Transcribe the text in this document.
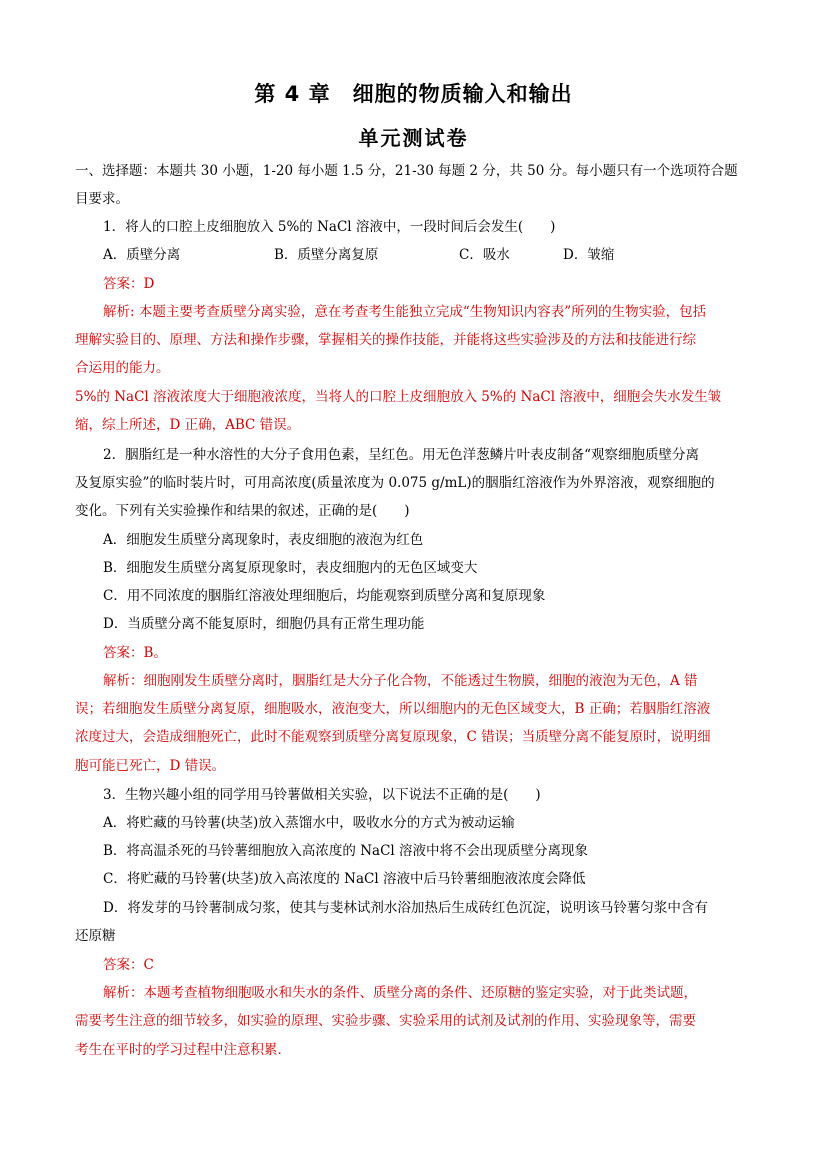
第 4 章　细胞的物质输入和输出
单元测试卷
一、选择题：本题共 30 小题，1-20 每小题 1.5 分，21-30 每题 2 分，共 50 分。每小题只有一个选项符合题
目要求。
1．将人的口腔上皮细胞放入 5%的 NaCl 溶液中，一段时间后会发生(　　)
A．质壁分离	B．质壁分离复原	C．吸水	D．皱缩
答案：D
解析: 本题主要考查质壁分离实验，意在考查考生能独立完成“生物知识内容表”所列的生物实验，包括
理解实验目的、原理、方法和操作步骤，掌握相关的操作技能，并能将这些实验涉及的方法和技能进行综
合运用的能力。
5%的 NaCl 溶液浓度大于细胞液浓度，当将人的口腔上皮细胞放入 5%的 NaCl 溶液中，细胞会失水发生皱
缩，综上所述，D 正确，ABC 错误。
2．胭脂红是一种水溶性的大分子食用色素，呈红色。用无色洋葱鳞片叶表皮制备“观察细胞质壁分离
及复原实验”的临时装片时，可用高浓度(质量浓度为 0.075 g/mL)的胭脂红溶液作为外界溶液，观察细胞的
变化。下列有关实验操作和结果的叙述，正确的是(　　)
A．细胞发生质壁分离现象时，表皮细胞的液泡为红色
B．细胞发生质壁分离复原现象时，表皮细胞内的无色区域变大
C．用不同浓度的胭脂红溶液处理细胞后，均能观察到质壁分离和复原现象
D．当质壁分离不能复原时，细胞仍具有正常生理功能
答案：B。
解析：细胞刚发生质壁分离时，胭脂红是大分子化合物，不能透过生物膜，细胞的液泡为无色，A 错
误；若细胞发生质壁分离复原，细胞吸水，液泡变大，所以细胞内的无色区域变大，B 正确；若胭脂红溶液
浓度过大，会造成细胞死亡，此时不能观察到质壁分离复原现象，C 错误；当质壁分离不能复原时，说明细
胞可能已死亡，D 错误。
3．生物兴趣小组的同学用马铃薯做相关实验，以下说法不正确的是(　　)
A．将贮藏的马铃薯(块茎)放入蒸馏水中，吸收水分的方式为被动运输
B．将高温杀死的马铃薯细胞放入高浓度的 NaCl 溶液中将不会出现质壁分离现象
C．将贮藏的马铃薯(块茎)放入高浓度的 NaCl 溶液中后马铃薯细胞液浓度会降低
D．将发芽的马铃薯制成匀浆，使其与斐林试剂水浴加热后生成砖红色沉淀，说明该马铃薯匀浆中含有
还原糖
答案：C
解析：本题考查植物细胞吸水和失水的条件、质壁分离的条件、还原糖的鉴定实验，对于此类试题，
需要考生注意的细节较多，如实验的原理、实验步骤、实验采用的试剂及试剂的作用、实验现象等，需要
考生在平时的学习过程中注意积累．
